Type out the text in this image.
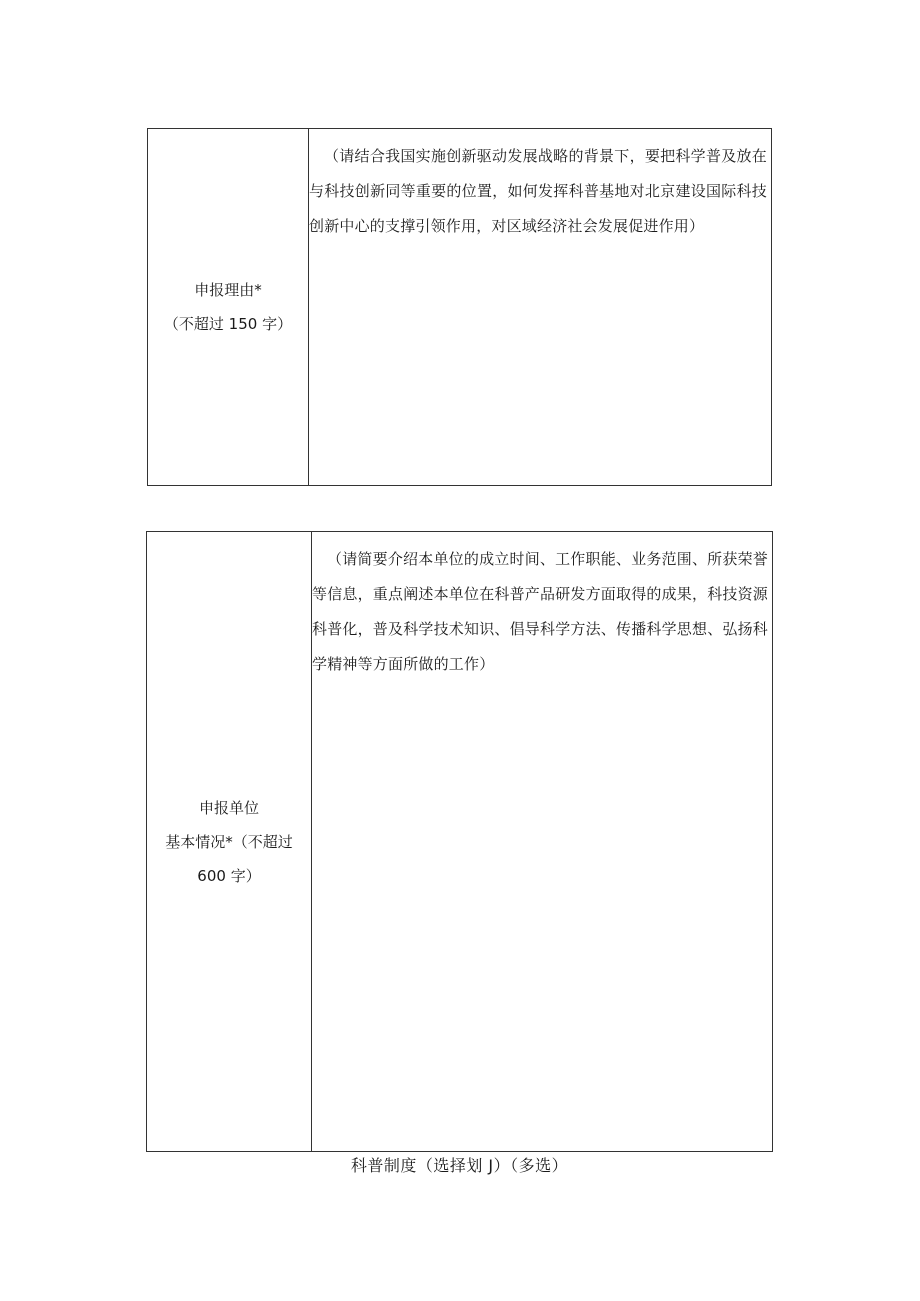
申报理由*
（不超过 150 字）
（请结合我国实施创新驱动发展战略的背景下，要把科学普及放在与科技创新同等重要的位置，如何发挥科普基地对北京建设国际科技创新中心的支撑引领作用，对区域经济社会发展促进作用）
申报单位
基本情况*（不超过
600 字）
（请简要介绍本单位的成立时间、工作职能、业务范围、所获荣誉等信息，重点阐述本单位在科普产品研发方面取得的成果，科技资源科普化，普及科学技术知识、倡导科学方法、传播科学思想、弘扬科学精神等方面所做的工作）
科普制度（选择划 J）（多选）
